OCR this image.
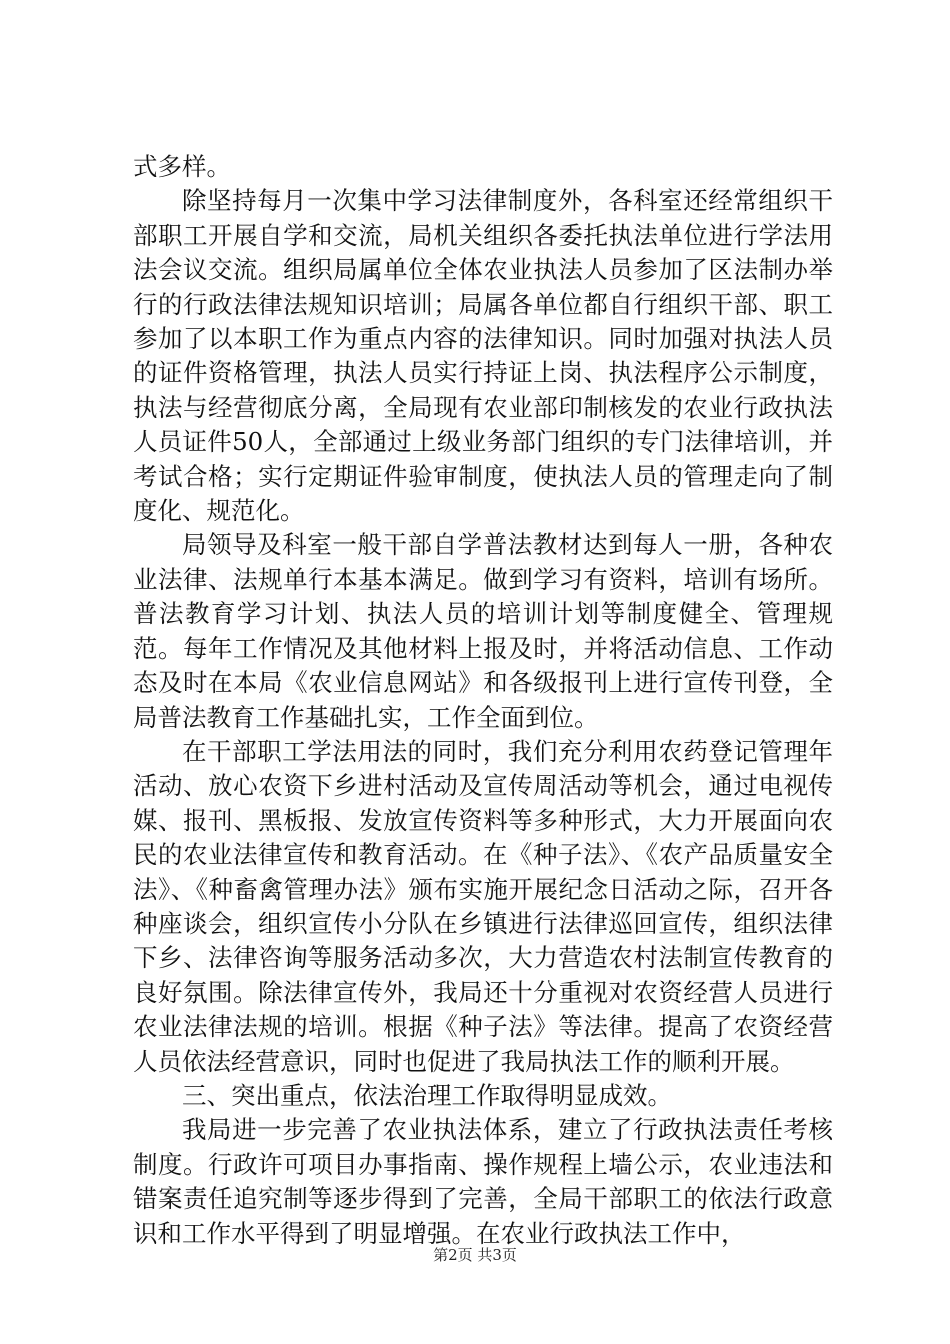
式多样。

除坚持每月一次集中学习法律制度外，各科室还经常组织干部职工开展自学和交流，局机关组织各委托执法单位进行学法用法会议交流。组织局属单位全体农业执法人员参加了区法制办举行的行政法律法规知识培训；局属各单位都自行组织干部、职工参加了以本职工作为重点内容的法律知识。同时加强对执法人员的证件资格管理，执法人员实行持证上岗、执法程序公示制度，执法与经营彻底分离，全局现有农业部印制核发的农业行政执法人员证件50人，全部通过上级业务部门组织的专门法律培训，并考试合格；实行定期证件验审制度，使执法人员的管理走向了制度化、规范化。

局领导及科室一般干部自学普法教材达到每人一册，各种农业法律、法规单行本基本满足。做到学习有资料，培训有场所。普法教育学习计划、执法人员的培训计划等制度健全、管理规范。每年工作情况及其他材料上报及时，并将活动信息、工作动态及时在本局《农业信息网站》和各级报刊上进行宣传刊登，全局普法教育工作基础扎实，工作全面到位。

在干部职工学法用法的同时，我们充分利用农药登记管理年活动、放心农资下乡进村活动及宣传周活动等机会，通过电视传媒、报刊、黑板报、发放宣传资料等多种形式，大力开展面向农民的农业法律宣传和教育活动。在《种子法》、《农产品质量安全法》、《种畜禽管理办法》颁布实施开展纪念日活动之际，召开各种座谈会，组织宣传小分队在乡镇进行法律巡回宣传，组织法律下乡、法律咨询等服务活动多次，大力营造农村法制宣传教育的良好氛围。除法律宣传外，我局还十分重视对农资经营人员进行农业法律法规的培训。根据《种子法》等法律。提高了农资经营人员依法经营意识，同时也促进了我局执法工作的顺利开展。

三、突出重点，依法治理工作取得明显成效。

我局进一步完善了农业执法体系，建立了行政执法责任考核制度。行政许可项目办事指南、操作规程上墙公示，农业违法和错案责任追究制等逐步得到了完善，全局干部职工的依法行政意识和工作水平得到了明显增强。在农业行政执法工作中，

第2页 共3页
